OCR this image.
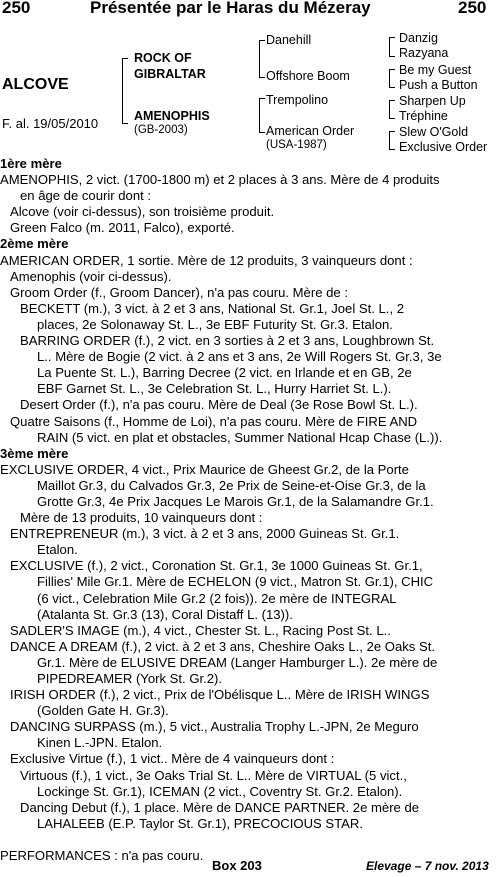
250	Présentée par le Haras du Mézeray	250
ALCOVE
F. al. 19/05/2010
ROCK OF
GIBRALTAR
AMENOPHIS
(GB-2003)
Danehill
Offshore Boom
Trempolino
American Order
(USA-1987)
Danzig
Razyana
Be my Guest
Push a Button
Sharpen Up
Tréphine
Slew O'Gold
Exclusive Order

1ère mère

AMENOPHIS, 2 vict. (1700-1800 m) et 2 places à 3 ans. Mère de 4 produits

en âge de courir dont :

Alcove (voir ci-dessus), son troisième produit.

Green Falco (m. 2011, Falco), exporté.

2ème mère

AMERICAN ORDER, 1 sortie. Mère de 12 produits, 3 vainqueurs dont :

Amenophis (voir ci-dessus).

Groom Order (f., Groom Dancer), n'a pas couru. Mère de :

BECKETT (m.), 3 vict. à 2 et 3 ans, National St. Gr.1, Joel St. L., 2

places, 2e Solonaway St. L., 3e EBF Futurity St. Gr.3. Etalon.

BARRING ORDER (f.), 2 vict. en 3 sorties à 2 et 3 ans, Loughbrown St.

L.. Mère de Bogie (2 vict. à 2 ans et 3 ans, 2e Will Rogers St. Gr.3, 3e

La Puente St. L.), Barring Decree (2 vict. en Irlande et en GB, 2e

EBF Garnet St. L., 3e Celebration St. L., Hurry Harriet St. L.).

Desert Order (f.), n'a pas couru. Mère de Deal (3e Rose Bowl St. L.).

Quatre Saisons (f., Homme de Loi), n'a pas couru. Mère de FIRE AND

RAIN (5 vict. en plat et obstacles, Summer National Hcap Chase (L.)).

3ème mère

EXCLUSIVE ORDER, 4 vict., Prix Maurice de Gheest Gr.2, de la Porte

Maillot Gr.3, du Calvados Gr.3, 2e Prix de Seine-et-Oise Gr.3, de la

Grotte Gr.3, 4e Prix Jacques Le Marois Gr.1, de la Salamandre Gr.1.

Mère de 13 produits, 10 vainqueurs dont :

ENTREPRENEUR (m.), 3 vict. à 2 et 3 ans, 2000 Guineas St. Gr.1.

Etalon.

EXCLUSIVE (f.), 2 vict., Coronation St. Gr.1, 3e 1000 Guineas St. Gr.1,

Fillies' Mile Gr.1. Mère de ECHELON (9 vict., Matron St. Gr.1), CHIC

(6 vict., Celebration Mile Gr.2 (2 fois)). 2e mère de INTEGRAL

(Atalanta St. Gr.3 (13), Coral Distaff L. (13)).

SADLER'S IMAGE (m.), 4 vict., Chester St. L., Racing Post St. L..

DANCE A DREAM (f.), 2 vict. à 2 et 3 ans, Cheshire Oaks L., 2e Oaks St.

Gr.1. Mère de ELUSIVE DREAM (Langer Hamburger L.). 2e mère de

PIPEDREAMER (York St. Gr.2).

IRISH ORDER (f.), 2 vict., Prix de l'Obélisque L.. Mère de IRISH WINGS

(Golden Gate H. Gr.3).

DANCING SURPASS (m.), 5 vict., Australia Trophy L.-JPN, 2e Meguro

Kinen L.-JPN. Etalon.

Exclusive Virtue (f.), 1 vict.. Mère de 4 vainqueurs dont :

Virtuous (f.), 1 vict., 3e Oaks Trial St. L.. Mère de VIRTUAL (5 vict.,

Lockinge St. Gr.1), ICEMAN (2 vict., Coventry St. Gr.2. Etalon).

Dancing Debut (f.), 1 place. Mère de DANCE PARTNER. 2e mère de

LAHALEEB (E.P. Taylor St. Gr.1), PRECOCIOUS STAR.

PERFORMANCES : n'a pas couru.

Box 203	Elevage – 7 nov. 2013
